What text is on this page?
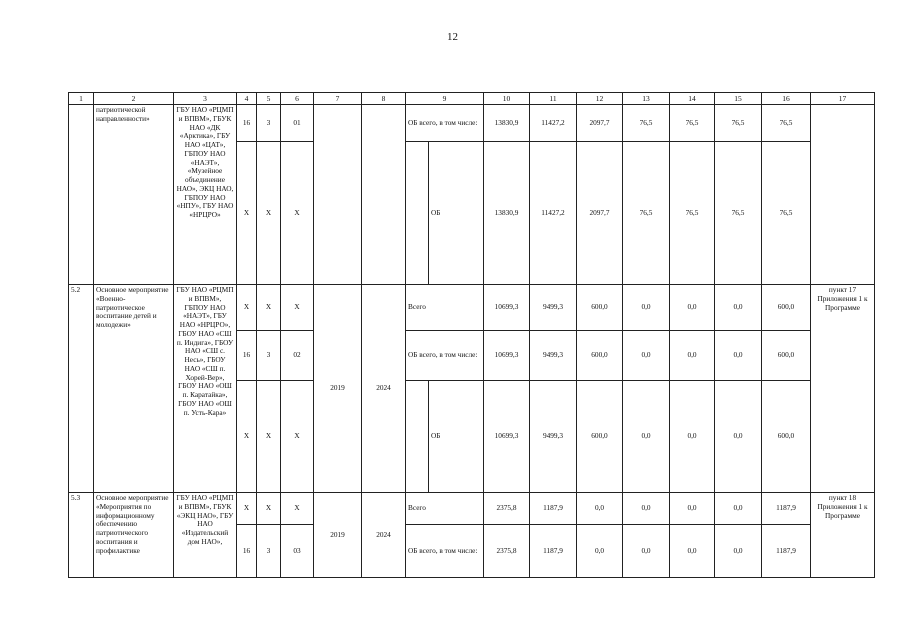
12
1	2	3	4	5	6	7	8	9		10	11	12	13	14	15	16	17
	патриотической направленности»	ГБУ НАО «РЦМП и ВПВМ», ГБУК НАО «ДК «Арктика», ГБУ НАО «ЦАТ», ГБПОУ НАО «НАЭТ», «Музейное объединение НАО», ЭКЦ НАО, ГБПОУ НАО «НПУ», ГБУ НАО «НРЦРО»	16	3	01			ОБ всего, в том числе:		13830,9	11427,2	2097,7	76,5	76,5	76,5	76,5	
			X	X	X				ОБ	13830,9	11427,2	2097,7	76,5	76,5	76,5	76,5	
5.2	Основное мероприятие «Военно-патриотическое воспитание детей и молодежи»	ГБУ НАО «РЦМП и ВПВМ», ГБПОУ НАО «НАЭТ», ГБУ НАО «НРЦРО», ГБОУ НАО «СШ п. Индига», ГБОУ НАО «СШ с. Несь», ГБОУ НАО «СШ п. Хорей-Вер», ГБОУ НАО «ОШ п. Каратайка», ГБОУ НАО «ОШ п. Усть-Кара»	X	X	X	2019	2024	Всего		10699,3	9499,3	600,0	0,0	0,0	0,0	600,0	пункт 17 Приложения 1 к Программе
			16	3	02			ОБ всего, в том числе:		10699,3	9499,3	600,0	0,0	0,0	0,0	600,0	
			X	X	X				ОБ	10699,3	9499,3	600,0	0,0	0,0	0,0	600,0	
5.3	Основное мероприятие «Мероприятия по информационному обеспечению патриотического воспитания и профилактике	ГБУ НАО «РЦМП и ВПВМ», ГБУК «ЭКЦ НАО», ГБУ НАО «Издательский дом НАО»,	X	X	X	2019	2024	Всего		2375,8	1187,9	0,0	0,0	0,0	0,0	1187,9	пункт 18 Приложения 1 к Программе
			16	3	03			ОБ всего, в том числе:		2375,8	1187,9	0,0	0,0	0,0	0,0	1187,9	
